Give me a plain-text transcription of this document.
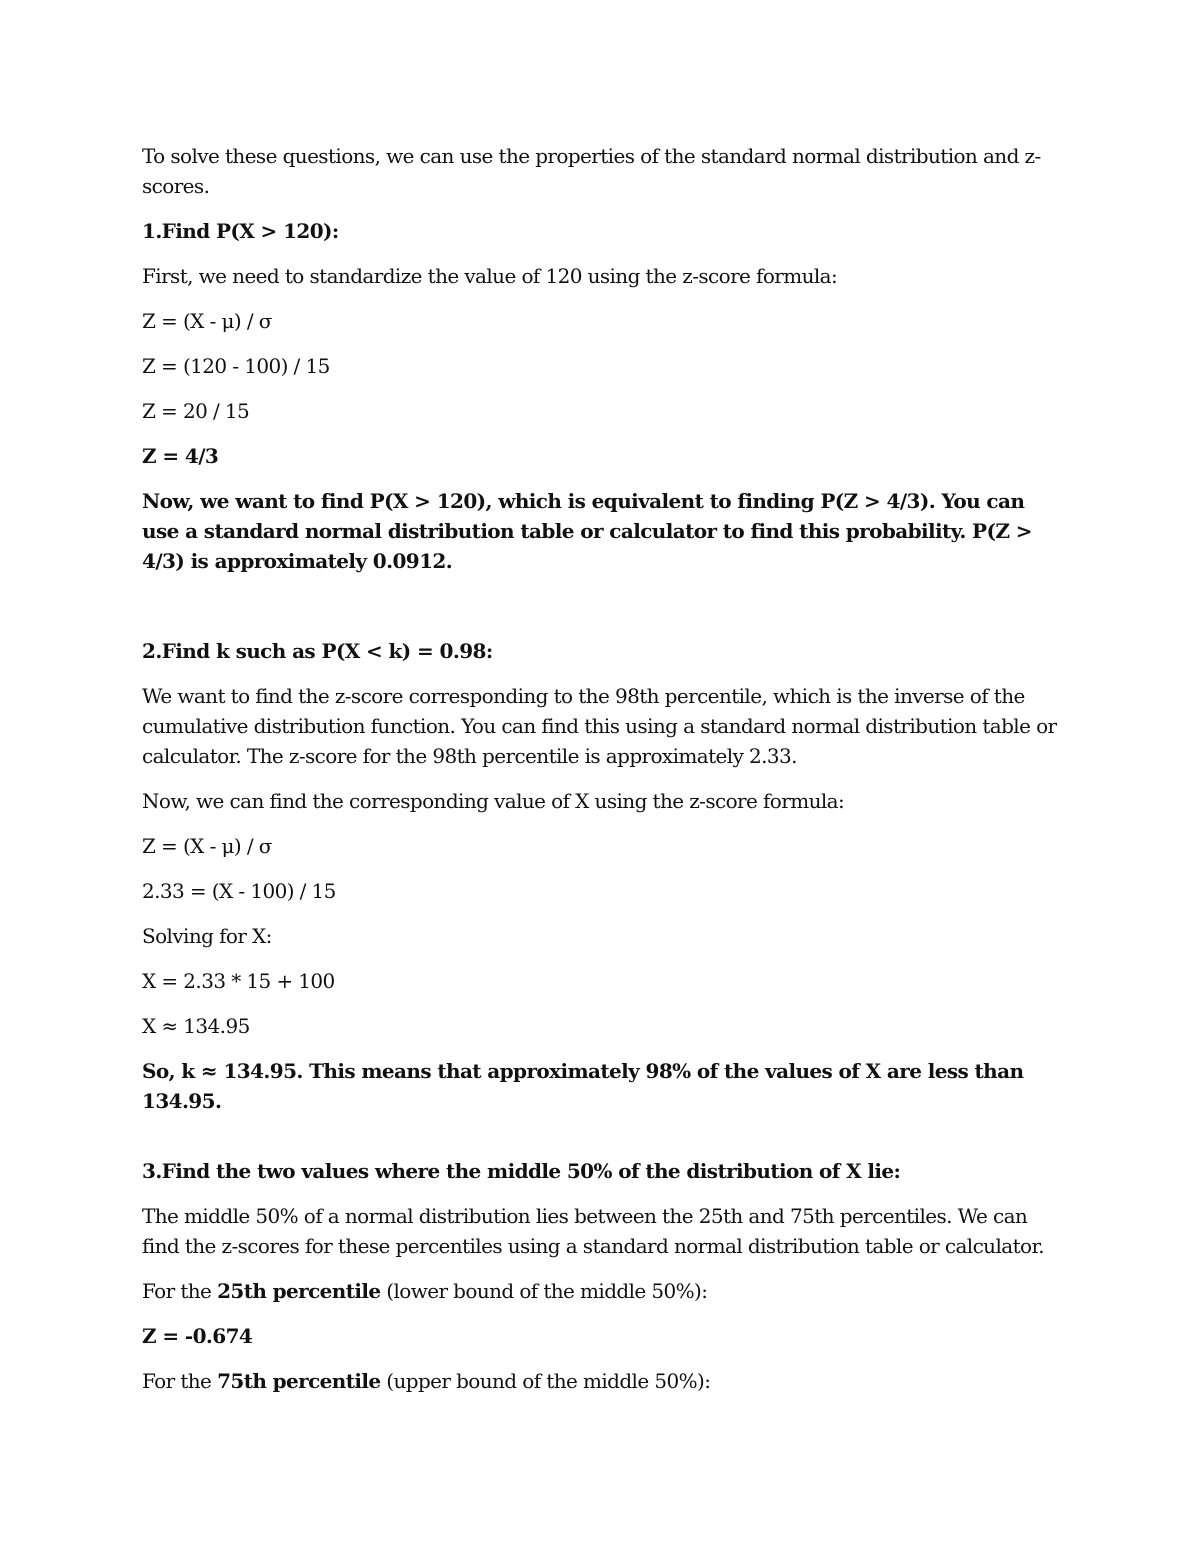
To solve these questions, we can use the properties of the standard normal distribution and z-scores.

1.Find P(X > 120):

First, we need to standardize the value of 120 using the z-score formula:

Z = (X - μ) / σ

Z = (120 - 100) / 15

Z = 20 / 15

Z = 4/3

Now, we want to find P(X > 120), which is equivalent to finding P(Z > 4/3). You can use a standard normal distribution table or calculator to find this probability. P(Z > 4/3) is approximately 0.0912.

2.Find k such as P(X < k) = 0.98:

We want to find the z-score corresponding to the 98th percentile, which is the inverse of the cumulative distribution function. You can find this using a standard normal distribution table or calculator. The z-score for the 98th percentile is approximately 2.33.

Now, we can find the corresponding value of X using the z-score formula:

Z = (X - μ) / σ

2.33 = (X - 100) / 15

Solving for X:

X = 2.33 * 15 + 100

X ≈ 134.95

So, k ≈ 134.95. This means that approximately 98% of the values of X are less than 134.95.

3.Find the two values where the middle 50% of the distribution of X lie:

The middle 50% of a normal distribution lies between the 25th and 75th percentiles. We can find the z-scores for these percentiles using a standard normal distribution table or calculator.

For the 25th percentile (lower bound of the middle 50%):

Z = -0.674

For the 75th percentile (upper bound of the middle 50%):
